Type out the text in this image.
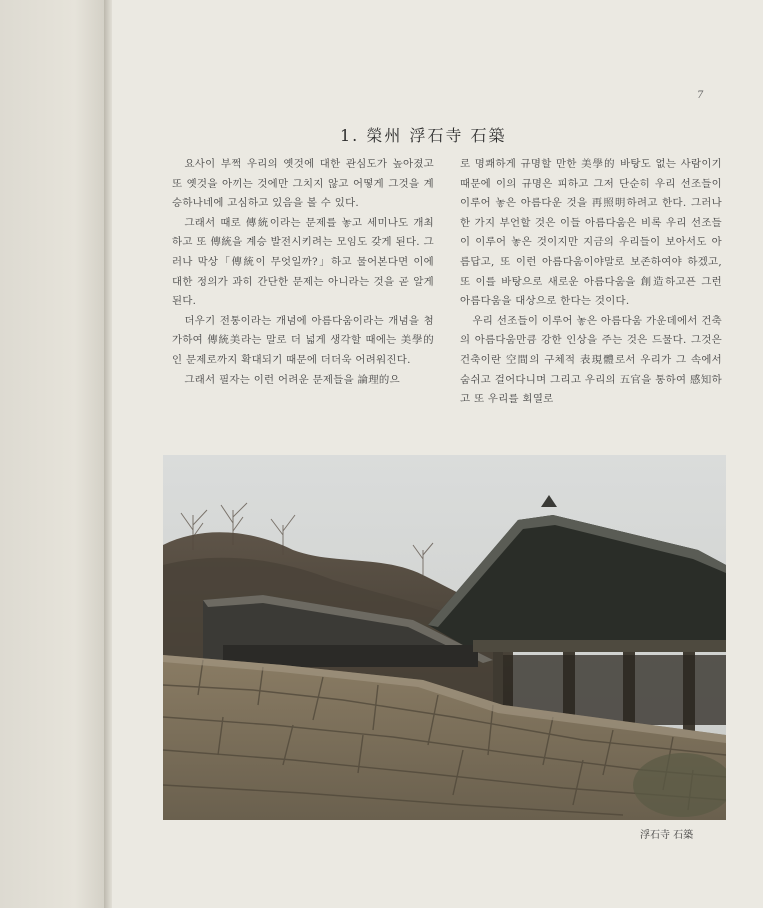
7
1. 榮州 浮石寺 石築

요사이 부쩍 우리의 옛것에 대한 관심도가 높아졌고 또 옛것을 아끼는 것에만 그치지 않고 어떻게 그것을 계승하나네에 고심하고 있음을 볼 수 있다.

그래서 때로 傳統이라는 문제를 놓고 세미나도 개최하고 또 傳統을 계승 발전시키려는 모임도 갖게 된다. 그러나 막상「傳統이 무엇일까?」하고 물어본다면 이에 대한 정의가 과히 간단한 문제는 아니라는 것을 곧 알게 된다.

더우기 전통이라는 개념에 아름다움이라는 개념을 첨가하여 傳統美라는 말로 더 넓게 생각할 때에는 美學的인 문제로까지 확대되기 때문에 더더욱 어려워진다.

그래서 필자는 이런 어려운 문제들을 論理的으

로 명쾌하게 규명할 만한 美學的 바탕도 없는 사람이기 때문에 이의 규명은 피하고 그저 단순히 우리 선조들이 이루어 놓은 아름다운 것을 再照明하려고 한다. 그러나 한 가지 부언할 것은 이들 아름다움은 비록 우리 선조들이 이루어 놓은 것이지만 지금의 우리들이 보아서도 아름답고, 또 이런 아름다움이야말로 보존하여야 하겠고, 또 이를 바탕으로 새로운 아름다움을 創造하고픈 그런 아름다움을 대상으로 한다는 것이다.

우리 선조들이 이루어 놓은 아름다움 가운데에서 건축의 아름다움만큼 강한 인상을 주는 것은 드물다. 그것은 건축이란 空間의 구체적 表現體로서 우리가 그 속에서 숨쉬고 걸어다니며 그리고 우리의 五官을 통하여 感知하고 또 우리를 회열로

浮石寺 石築
